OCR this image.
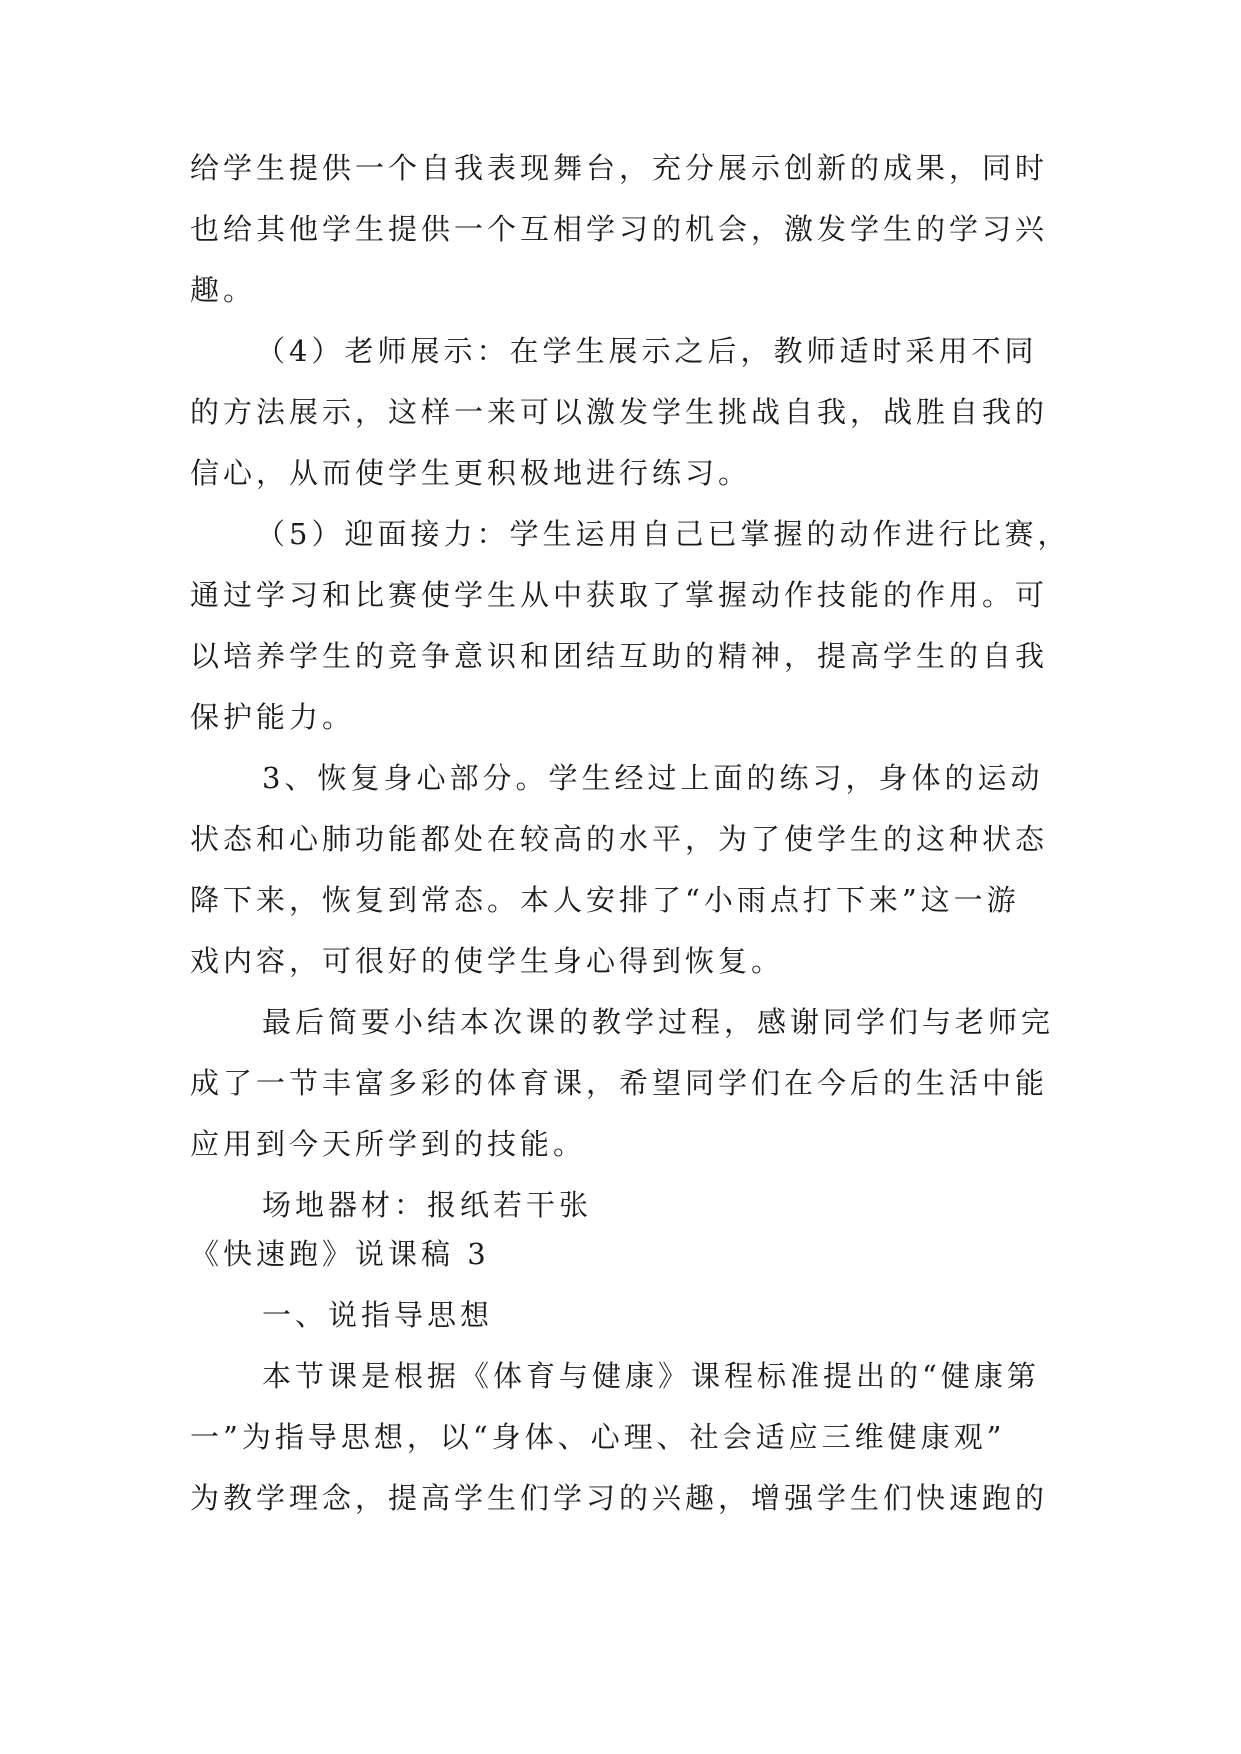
给学生提供一个自我表现舞台，充分展示创新的成果，同时
也给其他学生提供一个互相学习的机会，激发学生的学习兴
趣。
（4）老师展示：在学生展示之后，教师适时采用不同
的方法展示，这样一来可以激发学生挑战自我，战胜自我的
信心，从而使学生更积极地进行练习。
（5）迎面接力：学生运用自己已掌握的动作进行比赛，
通过学习和比赛使学生从中获取了掌握动作技能的作用。可
以培养学生的竞争意识和团结互助的精神，提高学生的自我
保护能力。
3、恢复身心部分。学生经过上面的练习，身体的运动
状态和心肺功能都处在较高的水平，为了使学生的这种状态
降下来，恢复到常态。本人安排了“小雨点打下来”这一游
戏内容，可很好的使学生身心得到恢复。
最后简要小结本次课的教学过程，感谢同学们与老师完
成了一节丰富多彩的体育课，希望同学们在今后的生活中能
应用到今天所学到的技能。
场地器材：报纸若干张
《快速跑》说课稿 3
一、说指导思想
本节课是根据《体育与健康》课程标准提出的“健康第
一”为指导思想，以“身体、心理、社会适应三维健康观”
为教学理念，提高学生们学习的兴趣，增强学生们快速跑的
